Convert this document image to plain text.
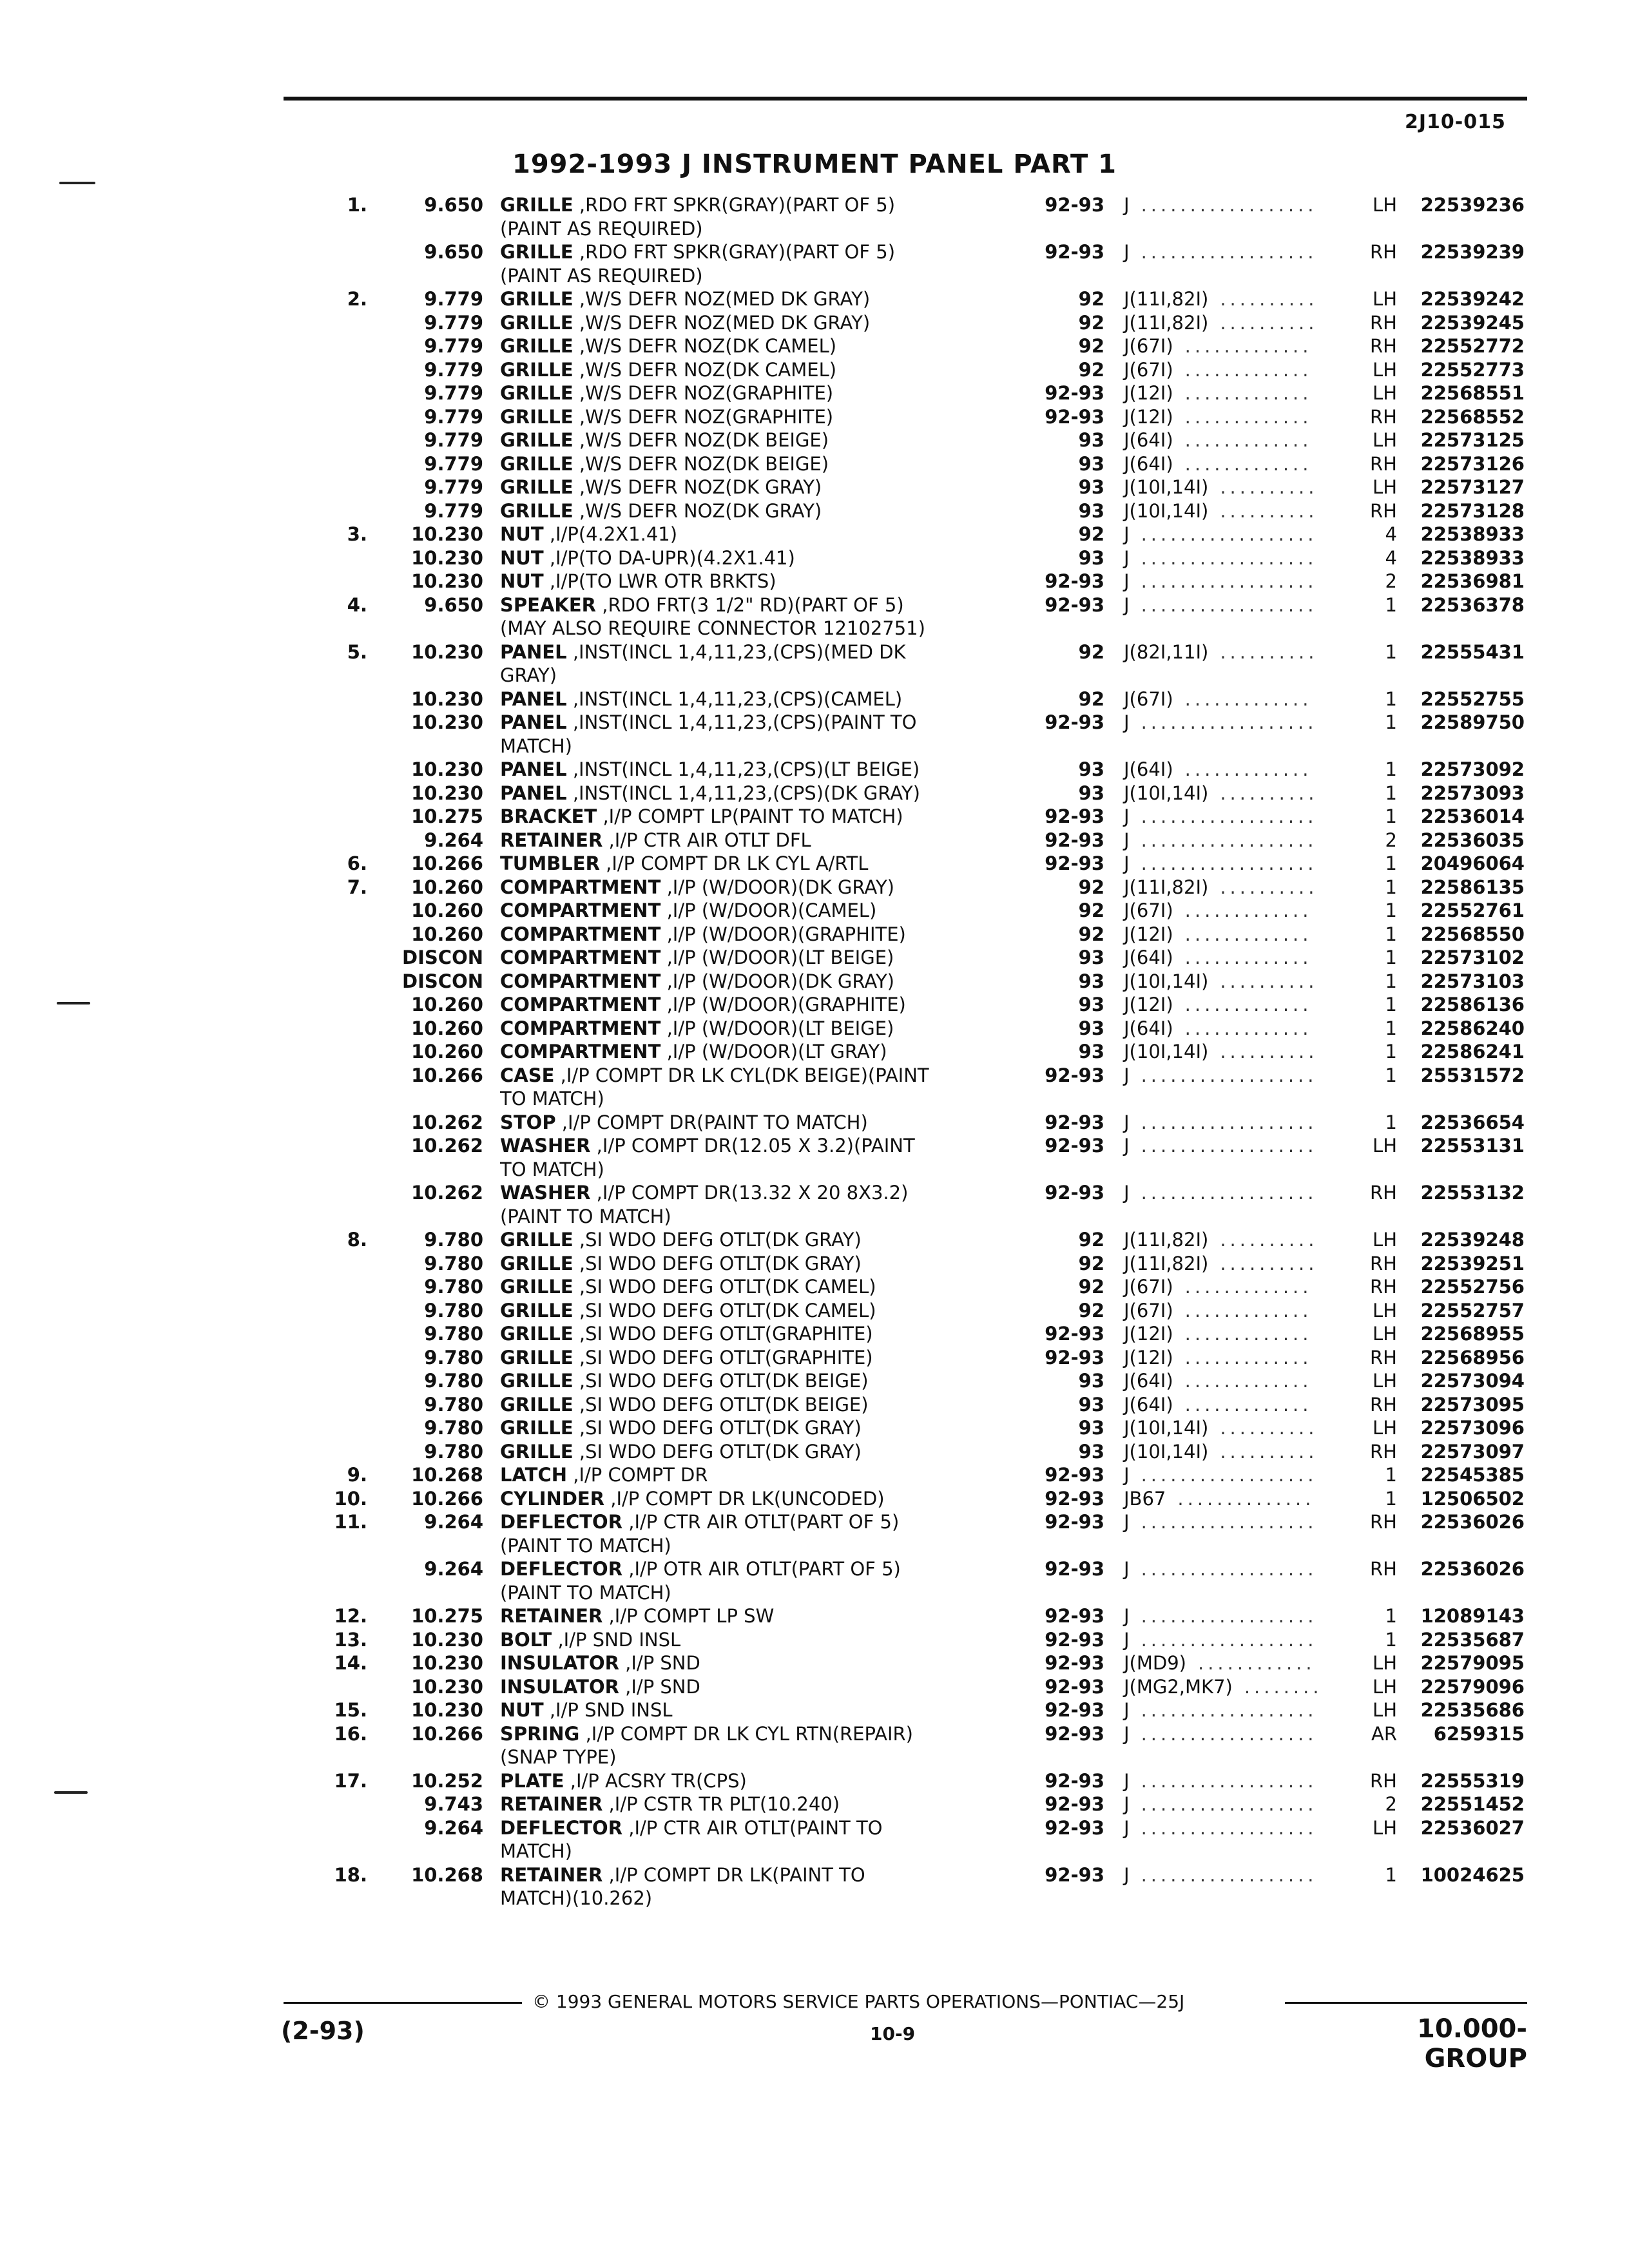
2J10-015
1992-1993 J INSTRUMENT PANEL PART 1
1.	9.650 GRILLE ,RDO FRT SPKR(GRAY)(PART OF 5)	92-93 J ..................	LH	22539236
(PAINT AS REQUIRED)
9.650 GRILLE ,RDO FRT SPKR(GRAY)(PART OF 5)	92-93 J ..................	RH	22539239
(PAINT AS REQUIRED)
2.	9.779 GRILLE ,W/S DEFR NOZ(MED DK GRAY)	92 J(11I,82I) ..........	LH	22539242
9.779 GRILLE ,W/S DEFR NOZ(MED DK GRAY)	92 J(11I,82I) ..........	RH	22539245
9.779 GRILLE ,W/S DEFR NOZ(DK CAMEL)	92 J(67I) .............	RH	22552772
9.779 GRILLE ,W/S DEFR NOZ(DK CAMEL)	92 J(67I) .............	LH	22552773
9.779 GRILLE ,W/S DEFR NOZ(GRAPHITE)	92-93 J(12I) .............	LH	22568551
9.779 GRILLE ,W/S DEFR NOZ(GRAPHITE)	92-93 J(12I) .............	RH	22568552
9.779 GRILLE ,W/S DEFR NOZ(DK BEIGE)	93 J(64I) .............	LH	22573125
9.779 GRILLE ,W/S DEFR NOZ(DK BEIGE)	93 J(64I) .............	RH	22573126
9.779 GRILLE ,W/S DEFR NOZ(DK GRAY)	93 J(10I,14I) ..........	LH	22573127
9.779 GRILLE ,W/S DEFR NOZ(DK GRAY)	93 J(10I,14I) ..........	RH	22573128
3.	10.230 NUT ,I/P(4.2X1.41)	92 J ..................	4	22538933
10.230 NUT ,I/P(TO DA-UPR)(4.2X1.41)	93 J ..................	4	22538933
10.230 NUT ,I/P(TO LWR OTR BRKTS)	92-93 J ..................	2	22536981
4.	9.650 SPEAKER ,RDO FRT(3 1/2" RD)(PART OF 5)	92-93 J ..................	1	22536378
(MAY ALSO REQUIRE CONNECTOR 12102751)
5.	10.230 PANEL ,INST(INCL 1,4,11,23,(CPS)(MED DK	92 J(82I,11I) ..........	1	22555431
GRAY)
10.230 PANEL ,INST(INCL 1,4,11,23,(CPS)(CAMEL)	92 J(67I) .............	1	22552755
10.230 PANEL ,INST(INCL 1,4,11,23,(CPS)(PAINT TO	92-93 J ..................	1	22589750
MATCH)
10.230 PANEL ,INST(INCL 1,4,11,23,(CPS)(LT BEIGE)	93 J(64I) .............	1	22573092
10.230 PANEL ,INST(INCL 1,4,11,23,(CPS)(DK GRAY)	93 J(10I,14I) ..........	1	22573093
10.275 BRACKET ,I/P COMPT LP(PAINT TO MATCH)	92-93 J ..................	1	22536014
9.264 RETAINER ,I/P CTR AIR OTLT DFL	92-93 J ..................	2	22536035
6.	10.266 TUMBLER ,I/P COMPT DR LK CYL A/RTL	92-93 J ..................	1	20496064
7.	10.260 COMPARTMENT ,I/P (W/DOOR)(DK GRAY)	92 J(11I,82I) ..........	1	22586135
10.260 COMPARTMENT ,I/P (W/DOOR)(CAMEL)	92 J(67I) .............	1	22552761
10.260 COMPARTMENT ,I/P (W/DOOR)(GRAPHITE)	92 J(12I) .............	1	22568550
DISCON COMPARTMENT ,I/P (W/DOOR)(LT BEIGE)	93 J(64I) .............	1	22573102
DISCON COMPARTMENT ,I/P (W/DOOR)(DK GRAY)	93 J(10I,14I) ..........	1	22573103
10.260 COMPARTMENT ,I/P (W/DOOR)(GRAPHITE)	93 J(12I) .............	1	22586136
10.260 COMPARTMENT ,I/P (W/DOOR)(LT BEIGE)	93 J(64I) .............	1	22586240
10.260 COMPARTMENT ,I/P (W/DOOR)(LT GRAY)	93 J(10I,14I) ..........	1	22586241
10.266 CASE ,I/P COMPT DR LK CYL(DK BEIGE)(PAINT	92-93 J ..................	1	25531572
TO MATCH)
10.262 STOP ,I/P COMPT DR(PAINT TO MATCH)	92-93 J ..................	1	22536654
10.262 WASHER ,I/P COMPT DR(12.05 X 3.2)(PAINT	92-93 J ..................	LH	22553131
TO MATCH)
10.262 WASHER ,I/P COMPT DR(13.32 X 20 8X3.2)	92-93 J ..................	RH	22553132
(PAINT TO MATCH)
8.	9.780 GRILLE ,SI WDO DEFG OTLT(DK GRAY)	92 J(11I,82I) ..........	LH	22539248
9.780 GRILLE ,SI WDO DEFG OTLT(DK GRAY)	92 J(11I,82I) ..........	RH	22539251
9.780 GRILLE ,SI WDO DEFG OTLT(DK CAMEL)	92 J(67I) .............	RH	22552756
9.780 GRILLE ,SI WDO DEFG OTLT(DK CAMEL)	92 J(67I) .............	LH	22552757
9.780 GRILLE ,SI WDO DEFG OTLT(GRAPHITE)	92-93 J(12I) .............	LH	22568955
9.780 GRILLE ,SI WDO DEFG OTLT(GRAPHITE)	92-93 J(12I) .............	RH	22568956
9.780 GRILLE ,SI WDO DEFG OTLT(DK BEIGE)	93 J(64I) .............	LH	22573094
9.780 GRILLE ,SI WDO DEFG OTLT(DK BEIGE)	93 J(64I) .............	RH	22573095
9.780 GRILLE ,SI WDO DEFG OTLT(DK GRAY)	93 J(10I,14I) ..........	LH	22573096
9.780 GRILLE ,SI WDO DEFG OTLT(DK GRAY)	93 J(10I,14I) ..........	RH	22573097
9.	10.268 LATCH ,I/P COMPT DR	92-93 J ..................	1	22545385
10.	10.266 CYLINDER ,I/P COMPT DR LK(UNCODED)	92-93 JB67 ..............	1	12506502
11.	9.264 DEFLECTOR ,I/P CTR AIR OTLT(PART OF 5)	92-93 J ..................	RH	22536026
(PAINT TO MATCH)
9.264 DEFLECTOR ,I/P OTR AIR OTLT(PART OF 5)	92-93 J ..................	RH	22536026
(PAINT TO MATCH)
12.	10.275 RETAINER ,I/P COMPT LP SW	92-93 J ..................	1	12089143
13.	10.230 BOLT ,I/P SND INSL	92-93 J ..................	1	22535687
14.	10.230 INSULATOR ,I/P SND	92-93 J(MD9) ............	LH	22579095
10.230 INSULATOR ,I/P SND	92-93 J(MG2,MK7) ........	LH	22579096
15.	10.230 NUT ,I/P SND INSL	92-93 J ..................	LH	22535686
16.	10.266 SPRING ,I/P COMPT DR LK CYL RTN(REPAIR)	92-93 J ..................	AR	6259315
(SNAP TYPE)
17.	10.252 PLATE ,I/P ACSRY TR(CPS)	92-93 J ..................	RH	22555319
9.743 RETAINER ,I/P CSTR TR PLT(10.240)	92-93 J ..................	2	22551452
9.264 DEFLECTOR ,I/P CTR AIR OTLT(PAINT TO	92-93 J ..................	LH	22536027
MATCH)
18.	10.268 RETAINER ,I/P COMPT DR LK(PAINT TO	92-93 J ..................	1	10024625
MATCH)(10.262)
© 1993 GENERAL MOTORS SERVICE PARTS OPERATIONS—PONTIAC—25J
(2-93)	10-9	10.000-GROUP
